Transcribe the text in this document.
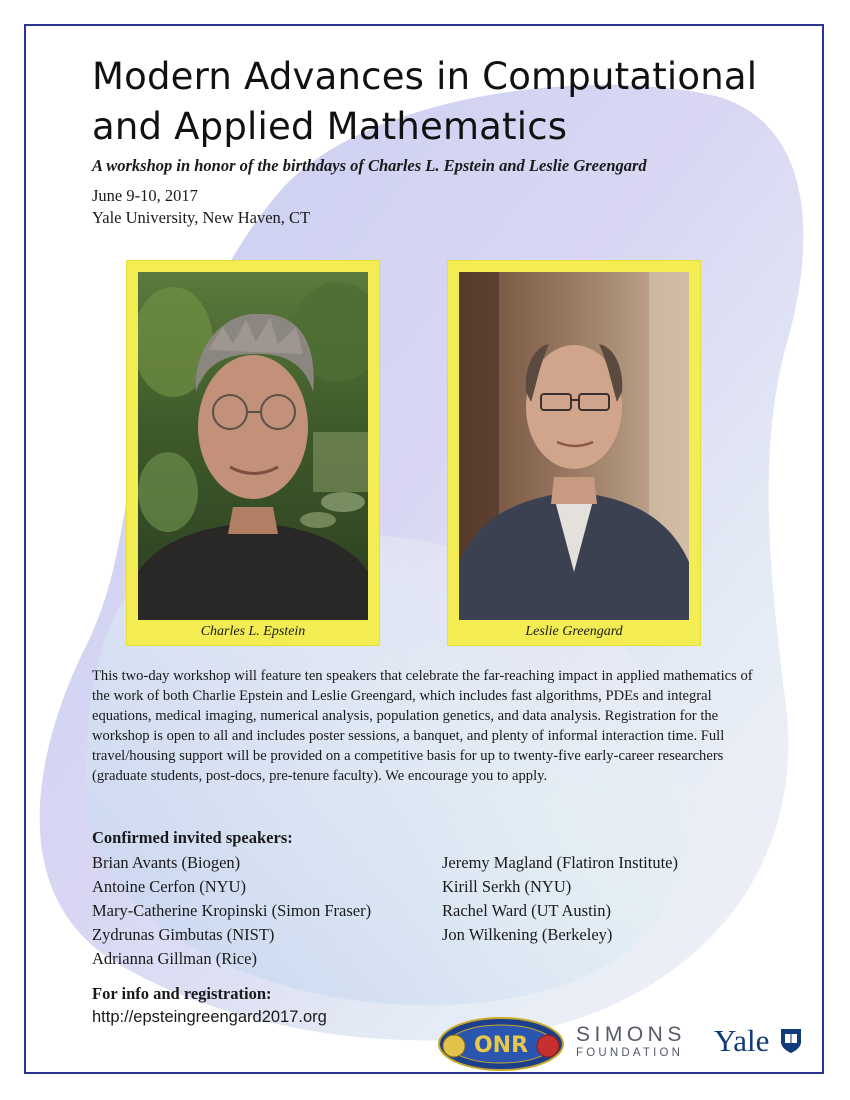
Modern Advances in Computational
and Applied Mathematics
A workshop in honor of the birthdays of Charles L. Epstein and Leslie Greengard
June 9-10, 2017
Yale University, New Haven, CT
Charles L. Epstein	Leslie Greengard

This two-day workshop will feature ten speakers that celebrate the far-reaching impact in applied mathematics of the work of both Charlie Epstein and Leslie Greengard, which includes fast algorithms, PDEs and integral equations, medical imaging, numerical analysis, population genetics, and data analysis. Registration for the workshop is open to all and includes poster sessions, a banquet, and plenty of informal interaction time. Full travel/housing support will be provided on a competitive basis for up to twenty-five early-career researchers (graduate students, post-docs, pre-tenure faculty). We encourage you to apply.

Confirmed invited speakers:
Brian Avants (Biogen)
Antoine Cerfon (NYU)
Mary-Catherine Kropinski (Simon Fraser)
Zydrunas Gimbutas (NIST)
Adrianna Gillman (Rice)
Jeremy Magland (Flatiron Institute)
Kirill Serkh (NYU)
Rachel Ward (UT Austin)
Jon Wilkening (Berkeley)
For info and registration:
http://epsteingreengard2017.org
ONR SIMONS
FOUNDATION Yale
